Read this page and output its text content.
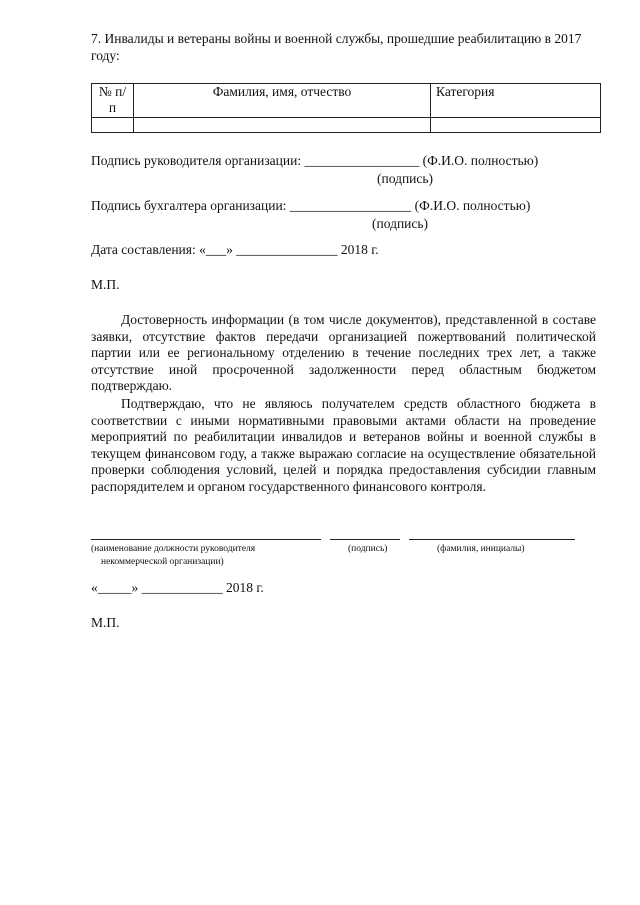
7. Инвалиды и ветераны войны и военной службы, прошедшие реабилитацию в 2017 году:
№ п/п	Фамилия, имя, отчество	Категория

Подпись руководителя организации: _________________ (Ф.И.О. полностью)
(подпись)
Подпись бухгалтера организации: __________________ (Ф.И.О. полностью)
(подпись)
Дата составления: «___» _______________ 2018 г.
М.П.
Достоверность информации (в том числе документов), представленной в составе заявки, отсутствие фактов передачи организацией пожертвований политической партии или ее региональному отделению в течение последних трех лет, а также отсутствие иной просроченной задолженности перед областным бюджетом подтверждаю.
Подтверждаю, что не являюсь получателем средств областного бюджета в соответствии с иными нормативными правовыми актами области на проведение мероприятий по реабилитации инвалидов и ветеранов войны и военной службы в текущем финансовом году, а также выражаю согласие на осуществление обязательной проверки соблюдения условий, целей и порядка предоставления субсидии главным распорядителем и органом государственного финансового контроля.
(наименование должности руководителя
некоммерческой организации)
(подпись)	(фамилия, инициалы)
«_____» ____________ 2018 г.
М.П.
